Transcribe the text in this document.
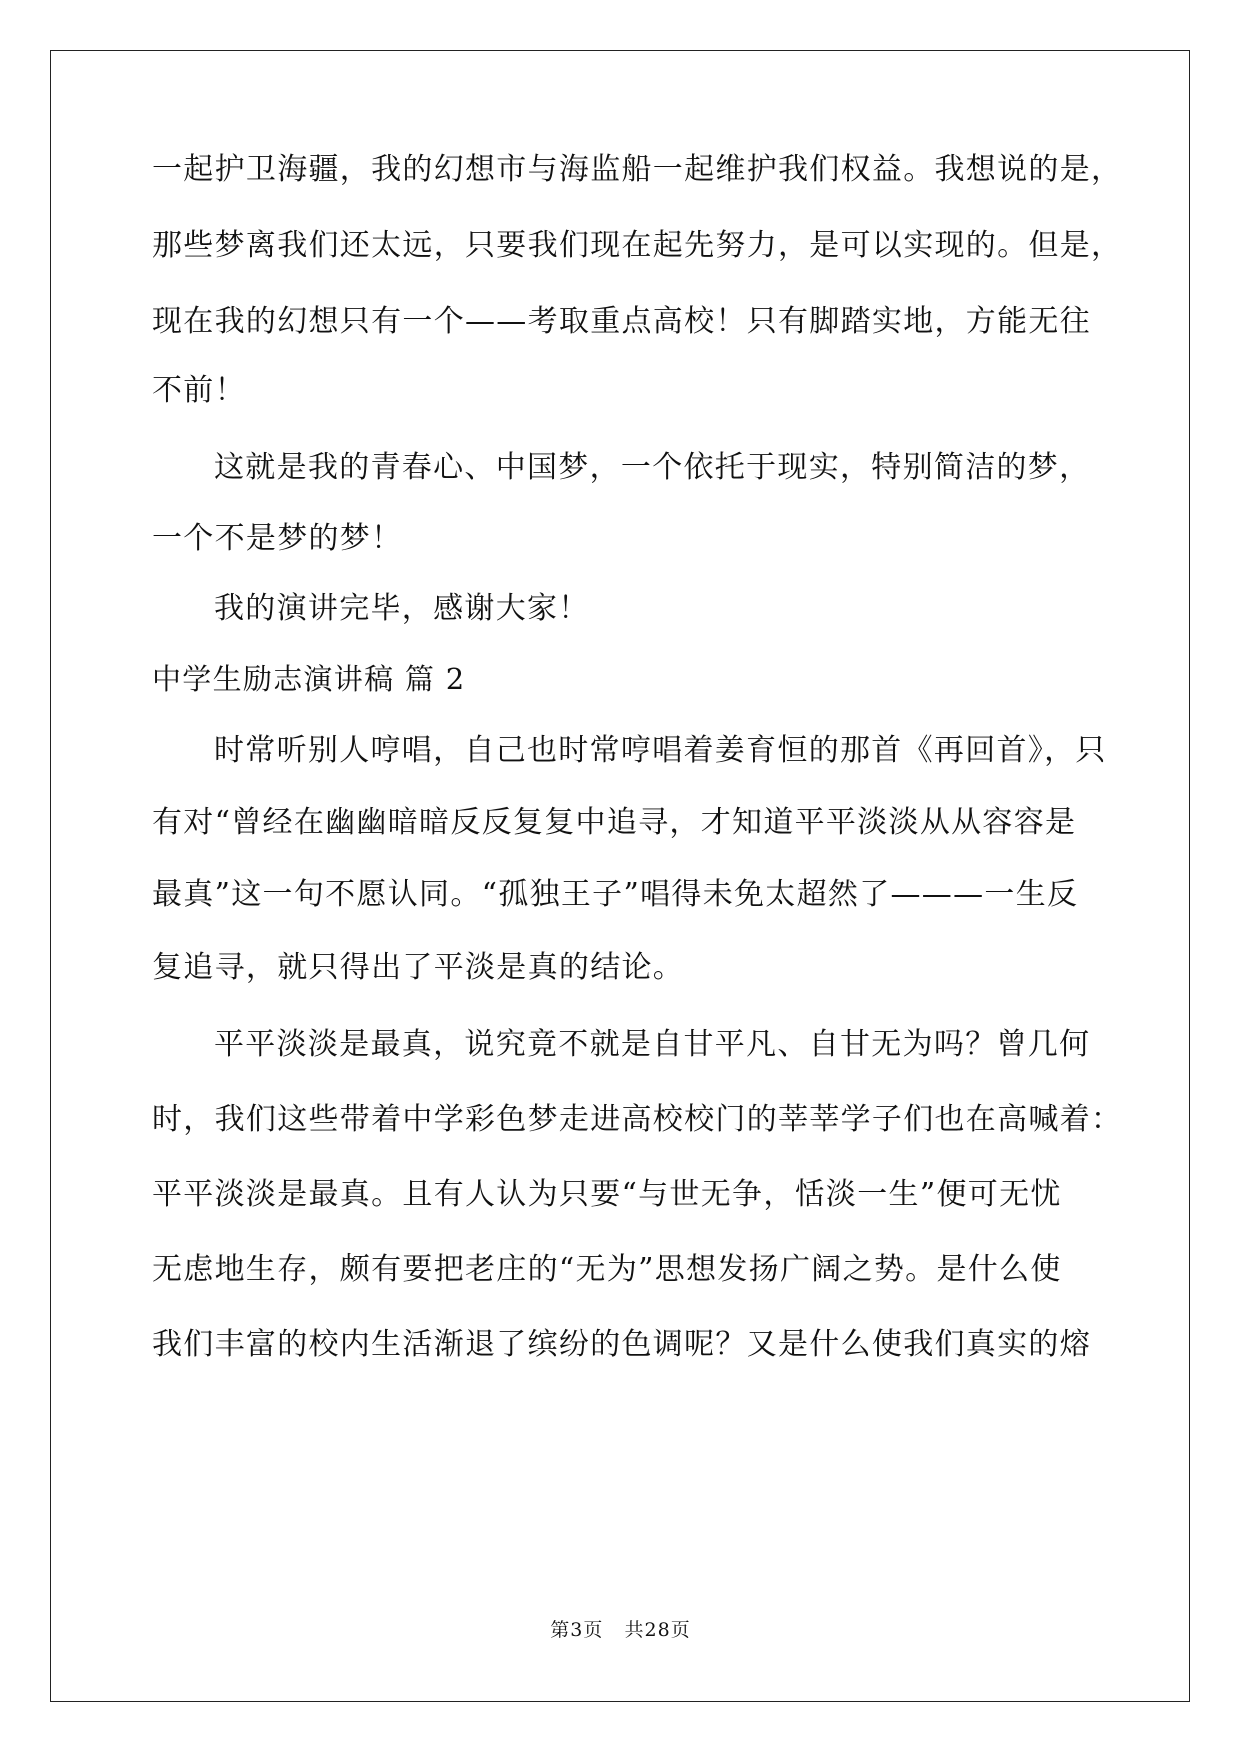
一起护卫海疆，我的幻想市与海监船一起维护我们权益。我想说的是，
那些梦离我们还太远，只要我们现在起先努力，是可以实现的。但是，
现在我的幻想只有一个——考取重点高校！只有脚踏实地，方能无往
不前！
这就是我的青春心、中国梦，一个依托于现实，特别简洁的梦，
一个不是梦的梦！
我的演讲完毕，感谢大家！
中学生励志演讲稿 篇 2
时常听别人哼唱，自己也时常哼唱着姜育恒的那首《再回首》，只
有对“曾经在幽幽暗暗反反复复中追寻，才知道平平淡淡从从容容是
最真”这一句不愿认同。“孤独王子”唱得未免太超然了———一生反
复追寻，就只得出了平淡是真的结论。
平平淡淡是最真，说究竟不就是自甘平凡、自甘无为吗？曾几何
时，我们这些带着中学彩色梦走进高校校门的莘莘学子们也在高喊着：
平平淡淡是最真。且有人认为只要“与世无争，恬淡一生”便可无忧
无虑地生存，颇有要把老庄的“无为”思想发扬广阔之势。是什么使
我们丰富的校内生活渐退了缤纷的色调呢？又是什么使我们真实的熔
第3页 共28页
